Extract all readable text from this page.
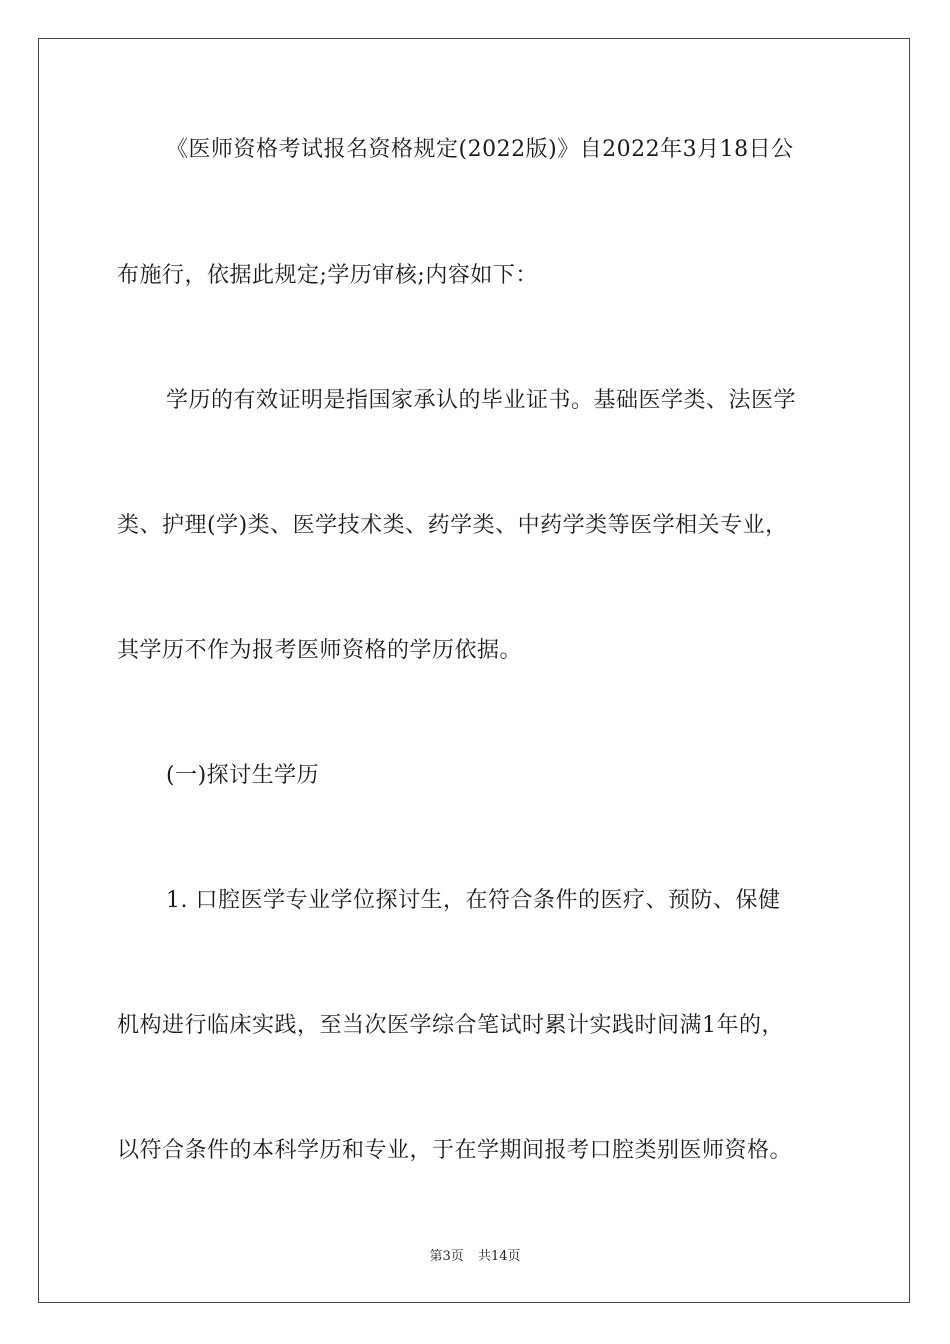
《医师资格考试报名资格规定(2022版)》自2022年3月18日公
布施行，依据此规定;学历审核;内容如下：
学历的有效证明是指国家承认的毕业证书。基础医学类、法医学
类、护理(学)类、医学技术类、药学类、中药学类等医学相关专业，
其学历不作为报考医师资格的学历依据。
(一)探讨生学历
1. 口腔医学专业学位探讨生，在符合条件的医疗、预防、保健
机构进行临床实践，至当次医学综合笔试时累计实践时间满1年的，
以符合条件的本科学历和专业，于在学期间报考口腔类别医师资格。
第3页 共14页
